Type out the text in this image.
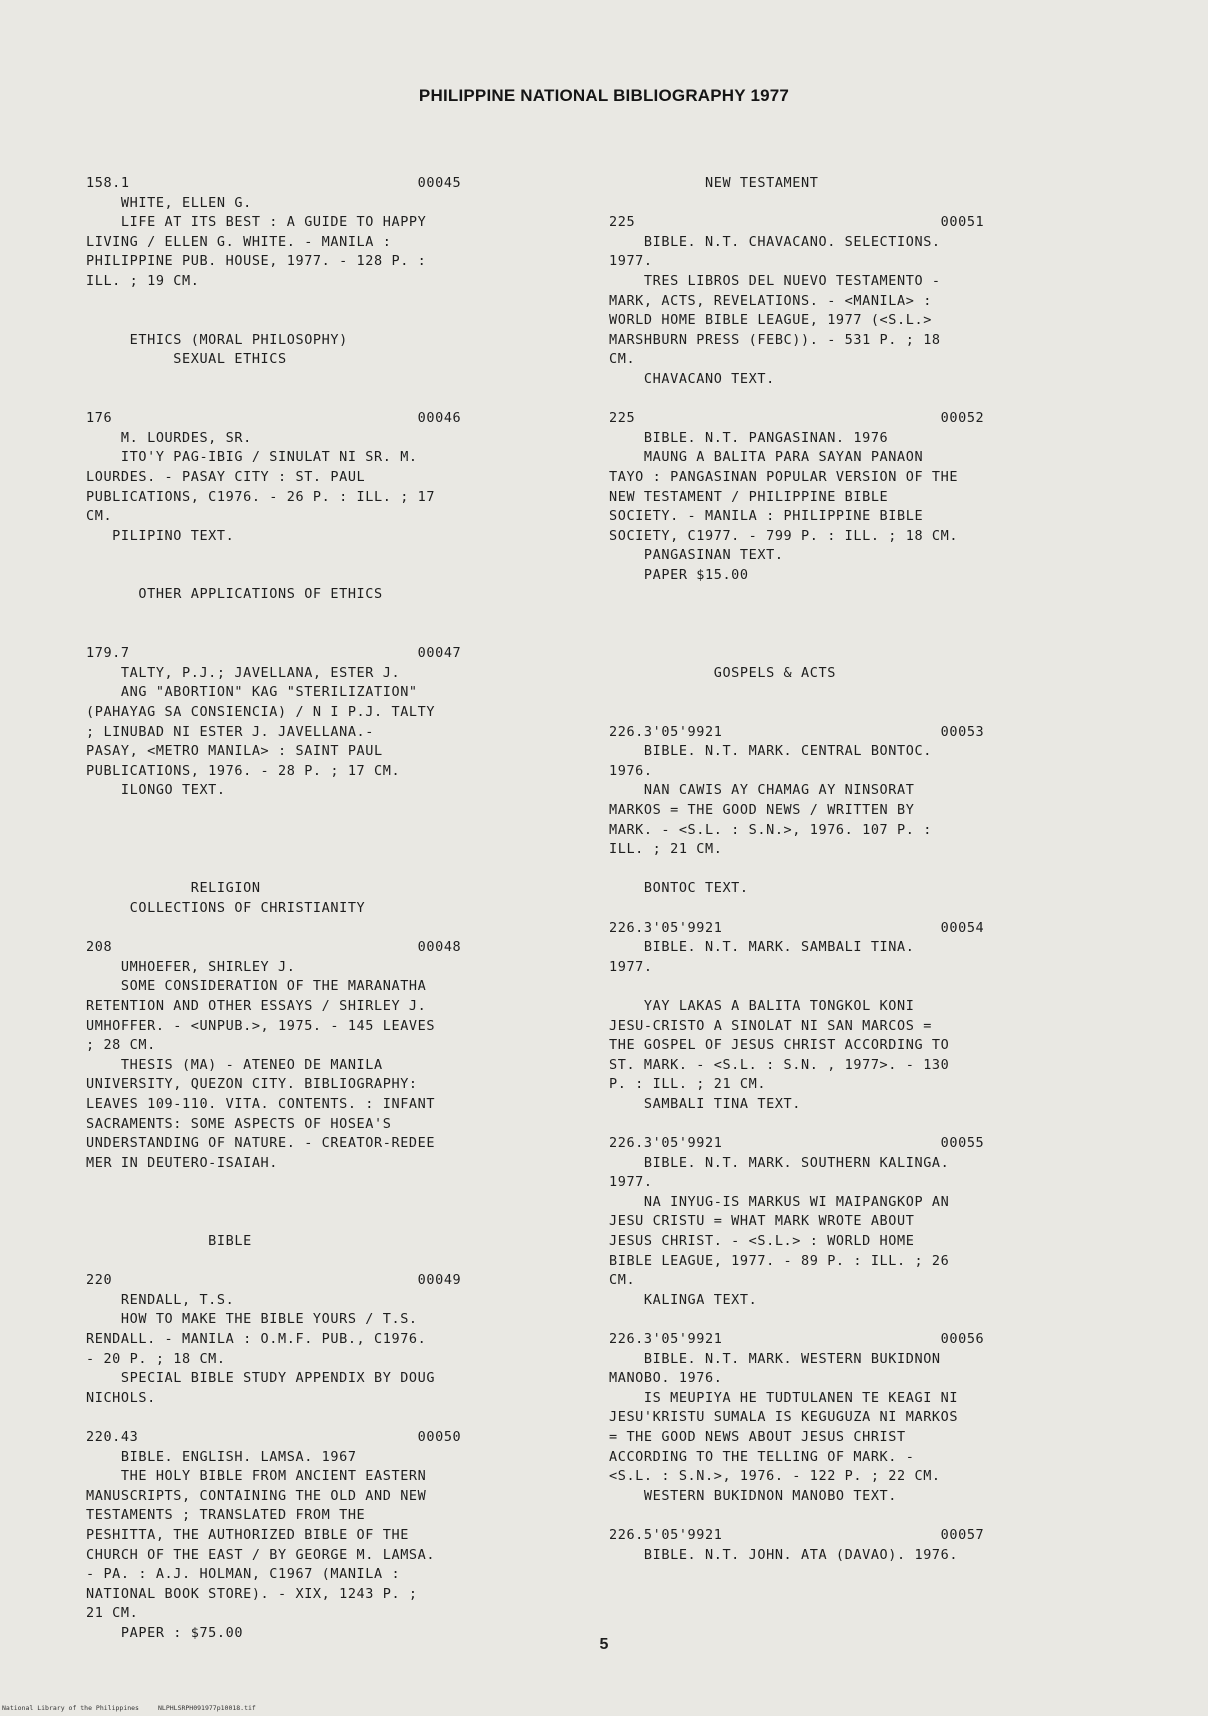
PHILIPPINE NATIONAL BIBLIOGRAPHY 1977
158.1                                 00045
WHITE, ELLEN G.
LIFE AT ITS BEST : A GUIDE TO HAPPY
LIVING / ELLEN G. WHITE. - MANILA :
PHILIPPINE PUB. HOUSE, 1977. - 128 P. :
ILL. ; 19 CM.
ETHICS (MORAL PHILOSOPHY)
SEXUAL ETHICS
176                                   00046
M. LOURDES, SR.
ITO'Y PAG-IBIG / SINULAT NI SR. M.
LOURDES. - PASAY CITY : ST. PAUL
PUBLICATIONS, C1976. - 26 P. : ILL. ; 17
CM.
PILIPINO TEXT.
OTHER APPLICATIONS OF ETHICS
179.7                                 00047
TALTY, P.J.; JAVELLANA, ESTER J.
ANG "ABORTION" KAG "STERILIZATION"
(PAHAYAG SA CONSIENCIA) / N I P.J. TALTY
; LINUBAD NI ESTER J. JAVELLANA.-
PASAY, <METRO MANILA> : SAINT PAUL
PUBLICATIONS, 1976. - 28 P. ; 17 CM.
ILONGO TEXT.
RELIGION
COLLECTIONS OF CHRISTIANITY
208                                   00048
UMHOEFER, SHIRLEY J.
SOME CONSIDERATION OF THE MARANATHA
RETENTION AND OTHER ESSAYS / SHIRLEY J.
UMHOFFER. - <UNPUB.>, 1975. - 145 LEAVES
; 28 CM.
THESIS (MA) - ATENEO DE MANILA
UNIVERSITY, QUEZON CITY. BIBLIOGRAPHY:
LEAVES 109-110. VITA. CONTENTS. : INFANT
SACRAMENTS: SOME ASPECTS OF HOSEA'S
UNDERSTANDING OF NATURE. - CREATOR-REDEE
MER IN DEUTERO-ISAIAH.
BIBLE
220                                   00049
RENDALL, T.S.
HOW TO MAKE THE BIBLE YOURS / T.S.
RENDALL. - MANILA : O.M.F. PUB., C1976.
- 20 P. ; 18 CM.
SPECIAL BIBLE STUDY APPENDIX BY DOUG
NICHOLS.
220.43                                00050
BIBLE. ENGLISH. LAMSA. 1967
THE HOLY BIBLE FROM ANCIENT EASTERN
MANUSCRIPTS, CONTAINING THE OLD AND NEW
TESTAMENTS ; TRANSLATED FROM THE
PESHITTA, THE AUTHORIZED BIBLE OF THE
CHURCH OF THE EAST / BY GEORGE M. LAMSA.
- PA. : A.J. HOLMAN, C1967 (MANILA :
NATIONAL BOOK STORE). - XIX, 1243 P. ;
21 CM.
PAPER : $75.00
NEW TESTAMENT
225                                   00051
BIBLE. N.T. CHAVACANO. SELECTIONS.
1977.
TRES LIBROS DEL NUEVO TESTAMENTO -
MARK, ACTS, REVELATIONS. - <MANILA> :
WORLD HOME BIBLE LEAGUE, 1977 (<S.L.>
MARSHBURN PRESS (FEBC)). - 531 P. ; 18
CM.
CHAVACANO TEXT.
225                                   00052
BIBLE. N.T. PANGASINAN. 1976
MAUNG A BALITA PARA SAYAN PANAON
TAYO : PANGASINAN POPULAR VERSION OF THE
NEW TESTAMENT / PHILIPPINE BIBLE
SOCIETY. - MANILA : PHILIPPINE BIBLE
SOCIETY, C1977. - 799 P. : ILL. ; 18 CM.
PANGASINAN TEXT.
PAPER $15.00
GOSPELS & ACTS
226.3'05'9921                         00053
BIBLE. N.T. MARK. CENTRAL BONTOC.
1976.
NAN CAWIS AY CHAMAG AY NINSORAT
MARKOS = THE GOOD NEWS / WRITTEN BY
MARK. - <S.L. : S.N.>, 1976. 107 P. :
ILL. ; 21 CM.
BONTOC TEXT.
226.3'05'9921                         00054
BIBLE. N.T. MARK. SAMBALI TINA.
1977.
YAY LAKAS A BALITA TONGKOL KONI
JESU-CRISTO A SINOLAT NI SAN MARCOS =
THE GOSPEL OF JESUS CHRIST ACCORDING TO
ST. MARK. - <S.L. : S.N. , 1977>. - 130
P. : ILL. ; 21 CM.
SAMBALI TINA TEXT.
226.3'05'9921                         00055
BIBLE. N.T. MARK. SOUTHERN KALINGA.
1977.
NA INYUG-IS MARKUS WI MAIPANGKOP AN
JESU CRISTU = WHAT MARK WROTE ABOUT
JESUS CHRIST. - <S.L.> : WORLD HOME
BIBLE LEAGUE, 1977. - 89 P. : ILL. ; 26
CM.
KALINGA TEXT.
226.3'05'9921                         00056
BIBLE. N.T. MARK. WESTERN BUKIDNON
MANOBO. 1976.
IS MEUPIYA HE TUDTULANEN TE KEAGI NI
JESU'KRISTU SUMALA IS KEGUGUZA NI MARKOS
= THE GOOD NEWS ABOUT JESUS CHRIST
ACCORDING TO THE TELLING OF MARK. -
<S.L. : S.N.>, 1976. - 122 P. ; 22 CM.
WESTERN BUKIDNON MANOBO TEXT.
226.5'05'9921                         00057
BIBLE. N.T. JOHN. ATA (DAVAO). 1976.
5
National Library of the Philippines	NLPHLSRPH091977p10018.tif
